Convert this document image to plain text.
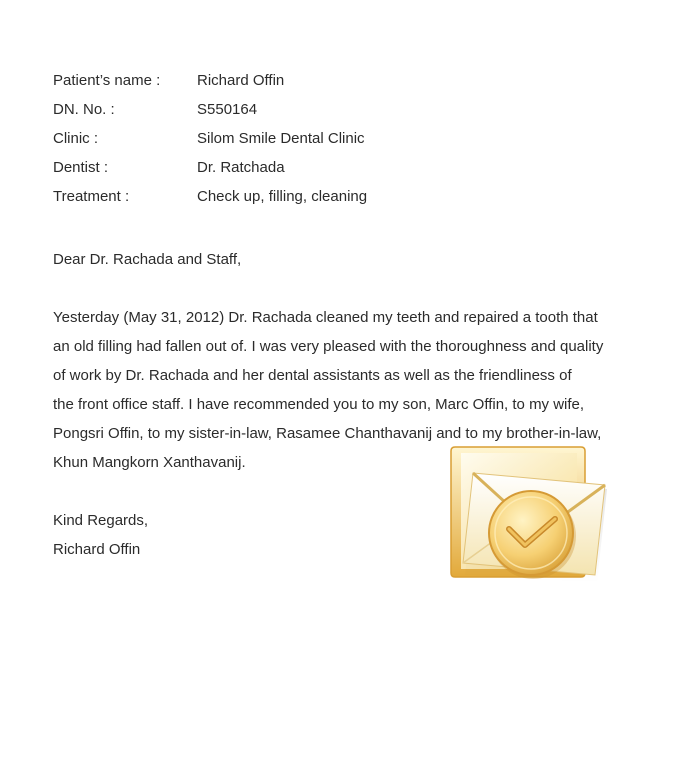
Patient’s name :	Richard Offin
DN. No. :	S550164
Clinic :	Silom Smile Dental Clinic
Dentist :	Dr. Ratchada
Treatment :	Check up, filling, cleaning
Dear Dr. Rachada and Staff,
Yesterday (May 31, 2012) Dr. Rachada cleaned my teeth and repaired a tooth that
an old filling had fallen out of. I was very pleased with the thoroughness and quality
of work by Dr. Rachada and her dental assistants as well as the friendliness of
the front office staff. I have recommended you to my son, Marc Offin, to my wife,
Pongsri Offin, to my sister-in-law, Rasamee Chanthavanij and to my brother-in-law,
Khun Mangkorn Xanthavanij.
Kind Regards,
Richard Offin
